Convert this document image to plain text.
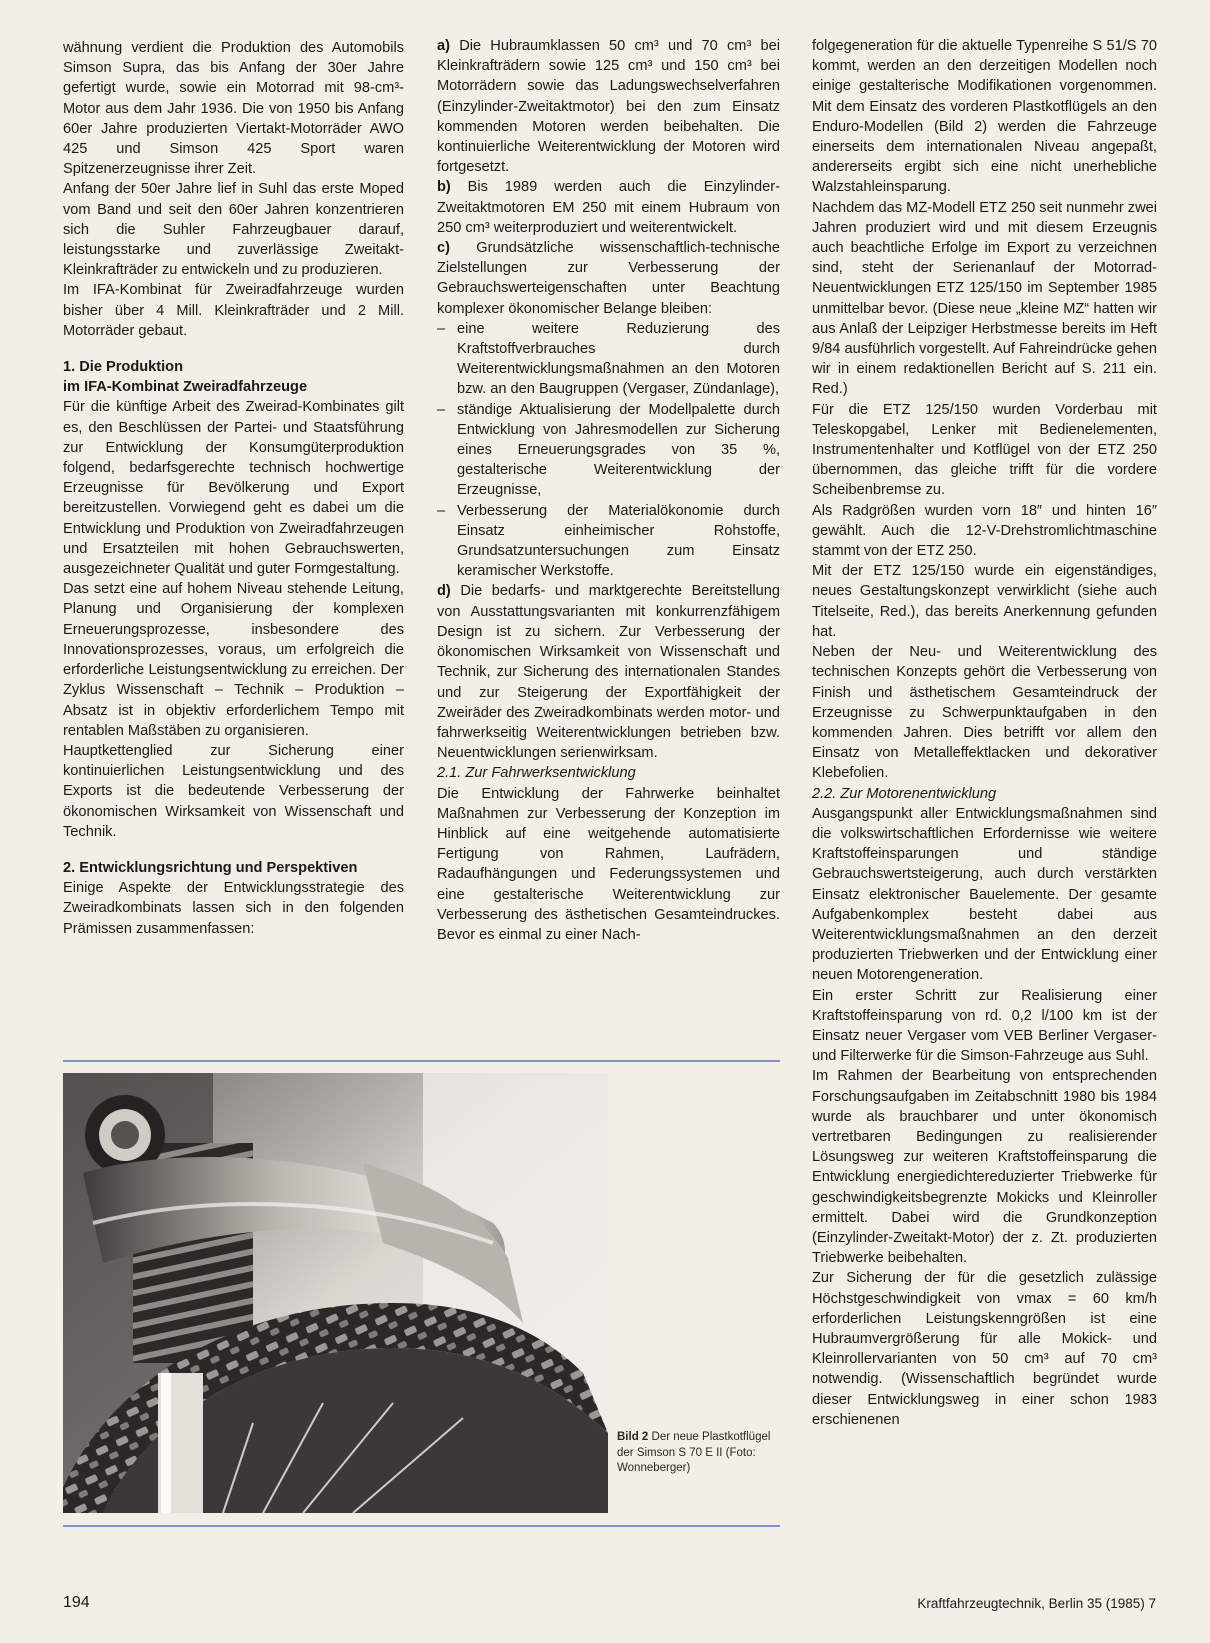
wähnung verdient die Produktion des Automobils Simson Supra, das bis Anfang der 30er Jahre gefertigt wurde, sowie ein Motorrad mit 98-cm³-Motor aus dem Jahr 1936. Die von 1950 bis Anfang 60er Jahre produzierten Viertakt-Motorräder AWO 425 und Simson 425 Sport waren Spitzenerzeugnisse ihrer Zeit.

Anfang der 50er Jahre lief in Suhl das erste Moped vom Band und seit den 60er Jahren konzentrieren sich die Suhler Fahrzeugbauer darauf, leistungsstarke und zuverlässige Zweitakt-Kleinkrafträder zu entwickeln und zu produzieren.

Im IFA-Kombinat für Zweiradfahrzeuge wurden bisher über 4 Mill. Kleinkrafträder und 2 Mill. Motorräder gebaut.

1. Die Produktion

im IFA-Kombinat Zweiradfahrzeuge

Für die künftige Arbeit des Zweirad-Kombinates gilt es, den Beschlüssen der Partei- und Staatsführung zur Entwicklung der Konsumgüterproduktion folgend, bedarfsgerechte technisch hochwertige Erzeugnisse für Bevölkerung und Export bereitzustellen. Vorwiegend geht es dabei um die Entwicklung und Produktion von Zweiradfahrzeugen und Ersatzteilen mit hohen Gebrauchswerten, ausgezeichneter Qualität und guter Formgestaltung.

Das setzt eine auf hohem Niveau stehende Leitung, Planung und Organisierung der komplexen Erneuerungsprozesse, insbesondere des Innovationsprozesses, voraus, um erfolgreich die erforderliche Leistungsentwicklung zu erreichen. Der Zyklus Wissenschaft – Technik – Produktion – Absatz ist in objektiv erforderlichem Tempo mit rentablen Maßstäben zu organisieren.

Hauptkettenglied zur Sicherung einer kontinuierlichen Leistungsentwicklung und des Exports ist die bedeutende Verbesserung der ökonomischen Wirksamkeit von Wissenschaft und Technik.

2. Entwicklungsrichtung und Perspektiven

Einige Aspekte der Entwicklungsstrategie des Zweiradkombinats lassen sich in den folgenden Prämissen zusammenfassen:

a) Die Hubraumklassen 50 cm³ und 70 cm³ bei Kleinkrafträdern sowie 125 cm³ und 150 cm³ bei Motorrädern sowie das Ladungswechselverfahren (Einzylinder-Zweitaktmotor) bei den zum Einsatz kommenden Motoren werden beibehalten. Die kontinuierliche Weiterentwicklung der Motoren wird fortgesetzt.

b) Bis 1989 werden auch die Einzylinder-Zweitaktmotoren EM 250 mit einem Hubraum von 250 cm³ weiterproduziert und weiterentwickelt.

c) Grundsätzliche wissenschaftlich-technische Zielstellungen zur Verbesserung der Gebrauchswerteigenschaften unter Beachtung komplexer ökonomischer Belange bleiben:

– eine weitere Reduzierung des Kraftstoffverbrauches durch Weiterentwicklungsmaßnahmen an den Motoren bzw. an den Baugruppen (Vergaser, Zündanlage),
– ständige Aktualisierung der Modellpalette durch Entwicklung von Jahresmodellen zur Sicherung eines Erneuerungsgrades von 35 %, gestalterische Weiterentwicklung der Erzeugnisse,
– Verbesserung der Materialökonomie durch Einsatz einheimischer Rohstoffe, Grundsatzuntersuchungen zum Einsatz keramischer Werkstoffe.

d) Die bedarfs- und marktgerechte Bereitstellung von Ausstattungsvarianten mit konkurrenzfähigem Design ist zu sichern. Zur Verbesserung der ökonomischen Wirksamkeit von Wissenschaft und Technik, zur Sicherung des internationalen Standes und zur Steigerung der Exportfähigkeit der Zweiräder des Zweiradkombinats werden motor- und fahrwerkseitig Weiterentwicklungen betrieben bzw. Neuentwicklungen serienwirksam.

2.1. Zur Fahrwerksentwicklung

Die Entwicklung der Fahrwerke beinhaltet Maßnahmen zur Verbesserung der Konzeption im Hinblick auf eine weitgehende automatisierte Fertigung von Rahmen, Laufrädern, Radaufhängungen und Federungssystemen und eine gestalterische Weiterentwicklung zur Verbesserung des ästhetischen Gesamteindruckes. Bevor es einmal zu einer Nach-

folgegeneration für die aktuelle Typenreihe S 51/S 70 kommt, werden an den derzeitigen Modellen noch einige gestalterische Modifikationen vorgenommen. Mit dem Einsatz des vorderen Plastkotflügels an den Enduro-Modellen (Bild 2) werden die Fahrzeuge einerseits dem internationalen Niveau angepaßt, andererseits ergibt sich eine nicht unerhebliche Walzstahleinsparung.

Nachdem das MZ-Modell ETZ 250 seit nunmehr zwei Jahren produziert wird und mit diesem Erzeugnis auch beachtliche Erfolge im Export zu verzeichnen sind, steht der Serienanlauf der Motorrad-Neuentwicklungen ETZ 125/150 im September 1985 unmittelbar bevor. (Diese neue „kleine MZ“ hatten wir aus Anlaß der Leipziger Herbstmesse bereits im Heft 9/84 ausführlich vorgestellt. Auf Fahreindrücke gehen wir in einem redaktionellen Bericht auf S. 211 ein. Red.)

Für die ETZ 125/150 wurden Vorderbau mit Teleskopgabel, Lenker mit Bedienelementen, Instrumentenhalter und Kotflügel von der ETZ 250 übernommen, das gleiche trifft für die vordere Scheibenbremse zu.

Als Radgrößen wurden vorn 18″ und hinten 16″ gewählt. Auch die 12-V-Drehstromlichtmaschine stammt von der ETZ 250.

Mit der ETZ 125/150 wurde ein eigenständiges, neues Gestaltungskonzept verwirklicht (siehe auch Titelseite, Red.), das bereits Anerkennung gefunden hat.

Neben der Neu- und Weiterentwicklung des technischen Konzepts gehört die Verbesserung von Finish und ästhetischem Gesamteindruck der Erzeugnisse zu Schwerpunktaufgaben in den kommenden Jahren. Dies betrifft vor allem den Einsatz von Metalleffektlacken und dekorativer Klebefolien.

2.2. Zur Motorenentwicklung

Ausgangspunkt aller Entwicklungsmaßnahmen sind die volkswirtschaftlichen Erfordernisse wie weitere Kraftstoffeinsparungen und ständige Gebrauchswertsteigerung, auch durch verstärkten Einsatz elektronischer Bauelemente. Der gesamte Aufgabenkomplex besteht dabei aus Weiterentwicklungsmaßnahmen an den derzeit produzierten Triebwerken und der Entwicklung einer neuen Motorengeneration.

Ein erster Schritt zur Realisierung einer Kraftstoffeinsparung von rd. 0,2 l/100 km ist der Einsatz neuer Vergaser vom VEB Berliner Vergaser- und Filterwerke für die Simson-Fahrzeuge aus Suhl.

Im Rahmen der Bearbeitung von entsprechenden Forschungsaufgaben im Zeitabschnitt 1980 bis 1984 wurde als brauchbarer und unter ökonomisch vertretbaren Bedingungen zu realisierender Lösungsweg zur weiteren Kraftstoffeinsparung die Entwicklung energiedichtereduzierter Triebwerke für geschwindigkeitsbegrenzte Mokicks und Kleinroller ermittelt. Dabei wird die Grundkonzeption (Einzylinder-Zweitakt-Motor) der z. Zt. produzierten Triebwerke beibehalten.

Zur Sicherung der für die gesetzlich zulässige Höchstgeschwindigkeit von vmax = 60 km/h erforderlichen Leistungskenngrößen ist eine Hubraumvergrößerung für alle Mokick- und Kleinrollervarianten von 50 cm³ auf 70 cm³ notwendig. (Wissenschaftlich begründet wurde dieser Entwicklungsweg in einer schon 1983 erschienenen

Bild 2 Der neue Plastkotflügel der Simson S 70 E II (Foto: Wonneberger)
194	Kraftfahrzeugtechnik, Berlin 35 (1985) 7
